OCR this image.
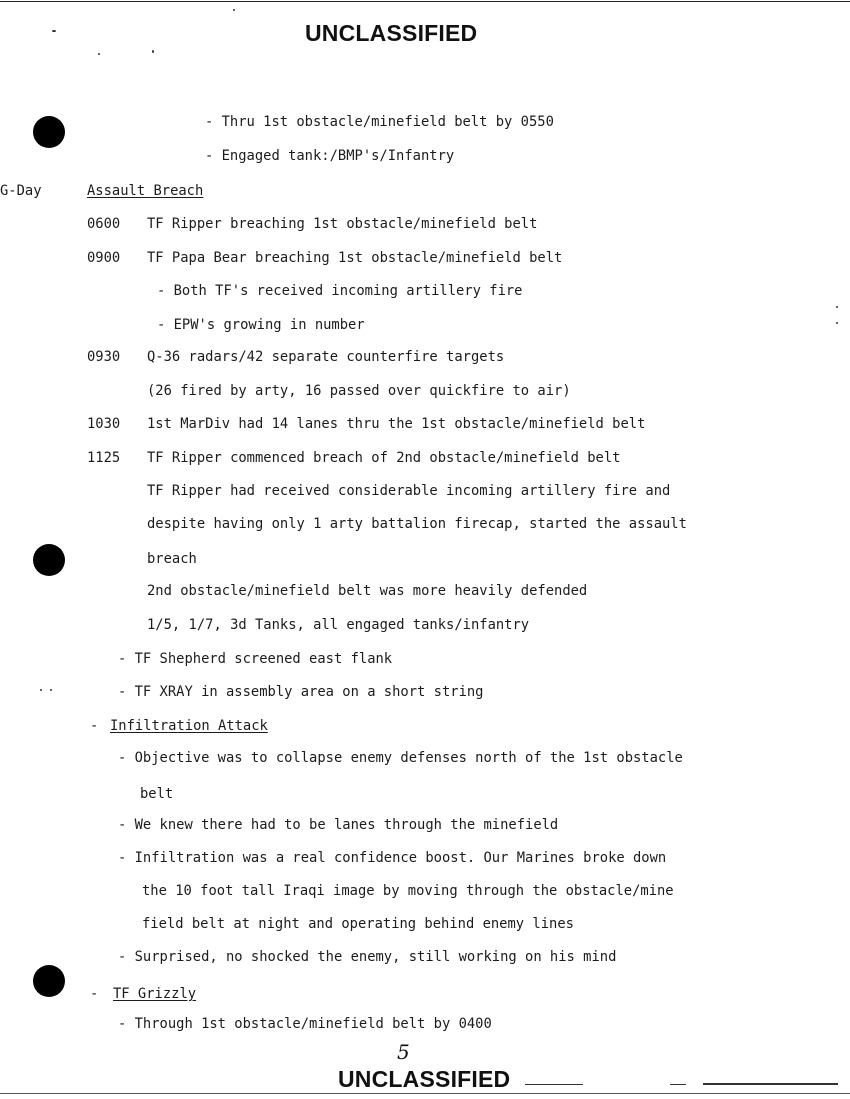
UNCLASSIFIED
- Thru 1st obstacle/minefield belt by 0550
- Engaged tank:/BMP's/Infantry
G-Day	Assault Breach
0600 TF Ripper breaching 1st obstacle/minefield belt
0900 TF Papa Bear breaching 1st obstacle/minefield belt
- Both TF's received incoming artillery fire
- EPW's growing in number
0930 Q-36 radars/42 separate counterfire targets
(26 fired by arty, 16 passed over quickfire to air)
1030 1st MarDiv had 14 lanes thru the 1st obstacle/minefield belt
1125 TF Ripper commenced breach of 2nd obstacle/minefield belt
TF Ripper had received considerable incoming artillery fire and
despite having only 1 arty battalion firecap, started the assault
breach
2nd obstacle/minefield belt was more heavily defended
1/5, 1/7, 3d Tanks, all engaged tanks/infantry
- TF Shepherd screened east flank
- TF XRAY in assembly area on a short string
- Infiltration Attack
- Objective was to collapse enemy defenses north of the 1st obstacle
belt
- We knew there had to be lanes through the minefield
- Infiltration was a real confidence boost. Our Marines broke down
the 10 foot tall Iraqi image by moving through the obstacle/mine
field belt at night and operating behind enemy lines
- Surprised, no shocked the enemy, still working on his mind
- TF Grizzly
- Through 1st obstacle/minefield belt by 0400
5
UNCLASSIFIED
